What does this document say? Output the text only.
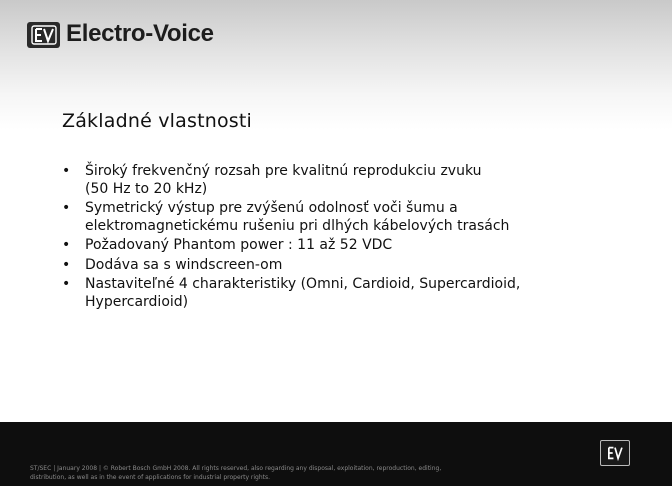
Electro-Voice
Základné vlastnosti
• Široký frekvenčný rozsah pre kvalitnú reprodukciu zvuku
(50 Hz to 20 kHz)
• Symetrický výstup pre zvýšenú odolnosť voči šumu a
elektromagnetickému rušeniu pri dlhých kábelových trasách
• Požadovaný Phantom power : 11 až 52 VDC
• Dodáva sa s windscreen-om
• Nastaviteľné 4 charakteristiky (Omni, Cardioid, Supercardioid,
Hypercardioid)
ST/SEC | January 2008 | © Robert Bosch GmbH 2008. All rights reserved, also regarding any disposal, exploitation, reproduction, editing,
distribution, as well as in the event of applications for industrial property rights.
